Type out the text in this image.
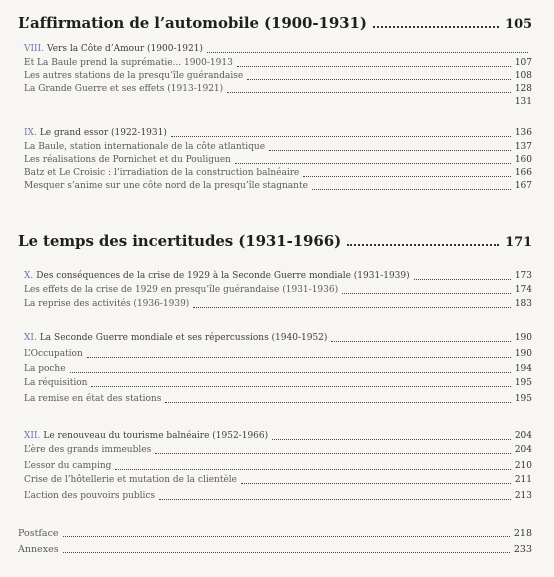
L’affirmation de l’automobile (1900-1931)	105
VIII. Vers la Côte d’Amour (1900-1921)
Et La Baule prend la suprématie... 1900-1913	107
Les autres stations de la presqu’île guérandaise	108
La Grande Guerre et ses effets (1913-1921)	128
131
IX. Le grand essor (1922-1931)	136
La Baule, station internationale de la côte atlantique	137
Les réalisations de Pornichet et du Pouliguen	160
Batz et Le Croisic : l’irradiation de la construction balnéaire	166
Mesquer s’anime sur une côte nord de la presqu’île stagnante	167
Le temps des incertitudes (1931-1966)	171
X. Des conséquences de la crise de 1929 à la Seconde Guerre mondiale (1931-1939)	173
Les effets de la crise de 1929 en presqu’île guérandaise (1931-1936)	174
La reprise des activités (1936-1939)	183
XI. La Seconde Guerre mondiale et ses répercussions (1940-1952)	190
L’Occupation	190
La poche	194
La réquisition	195
La remise en état des stations	195
XII. Le renouveau du tourisme balnéaire (1952-1966)	204
L’ère des grands immeubles	204
L’essor du camping	210
Crise de l’hôtellerie et mutation de la clientèle	211
L’action des pouvoirs publics	213
Postface	218
Annexes	233
